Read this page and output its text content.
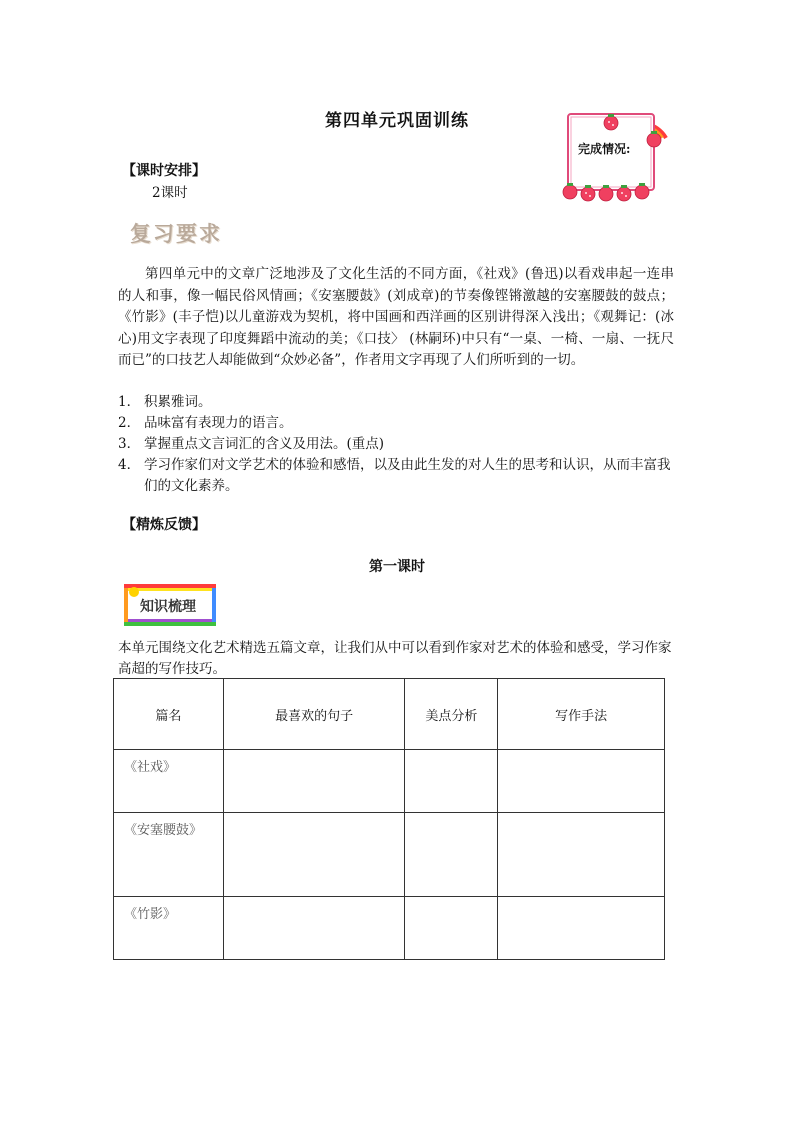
第四单元巩固训练
完成情况:
【课时安排】
2课时
复习要求

第四单元中的文章广泛地涉及了文化生活的不同方面，《社戏》(鲁迅)以看戏串起一连串的人和事，像一幅民俗风情画；《安塞腰鼓》(刘成章)的节奏像铿锵激越的安塞腰鼓的鼓点；《竹影》(丰子恺)以儿童游戏为契机，将中国画和西洋画的区别讲得深入浅出；《观舞记：(冰心)用文字表现了印度舞蹈中流动的美；《口技〉 (林嗣环)中只有“一桌、一椅、一扇、一抚尺而已”的口技艺人却能做到“众妙必备”，作者用文字再现了人们所听到的一切。

1． 积累雅词。
2． 品味富有表现力的语言。
3． 掌握重点文言词汇的含义及用法。(重点)
4． 学习作家们对文学艺术的体验和感悟，以及由此生发的对人生的思考和认识，从而丰富我们的文化素养。
【精炼反馈】
第一课时
知识梳理
本单元围绕文化艺术精选五篇文章，让我们从中可以看到作家对艺术的体验和感受，学习作家高超的写作技巧。
篇名	最喜欢的句子	美点分析	写作手法
《社戏》			
《安塞腰鼓》			
《竹影》			
